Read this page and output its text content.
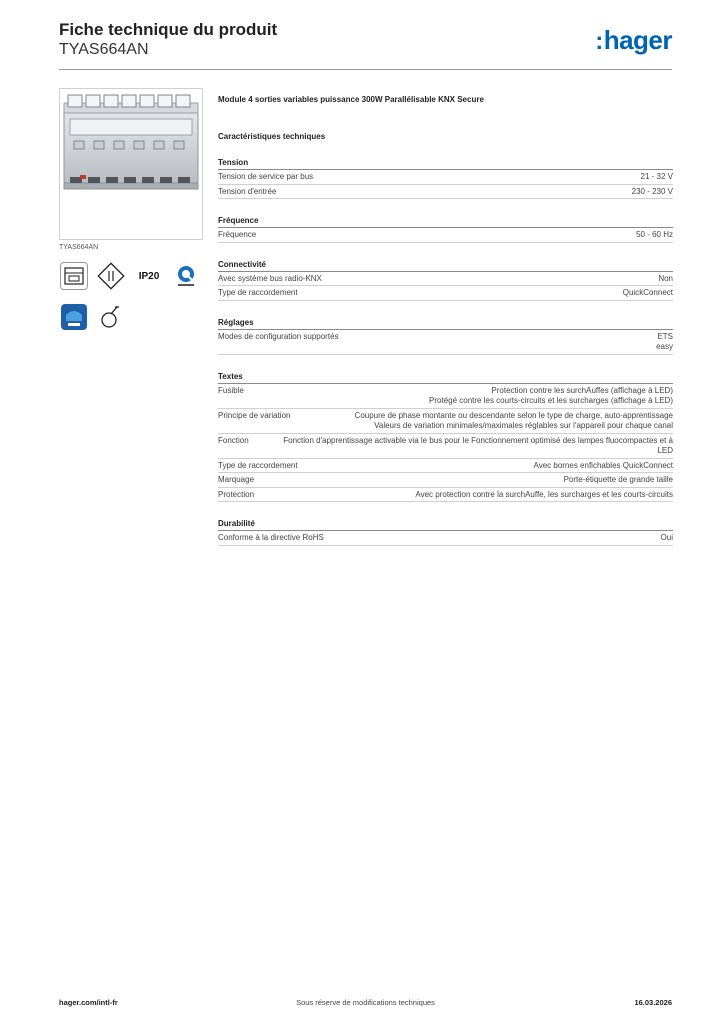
Fiche technique du produit
TYAS664AN	:hager
TYAS664AN
IP20
Module 4 sorties variables puissance 300W Parallélisable KNX Secure
Caractéristiques techniques
Tension
Tension de service par bus	21 - 32 V
Tension d'entrée	230 - 230 V
Fréquence
Fréquence	50 - 60 Hz
Connectivité
Avec système bus radio-KNX	Non
Type de raccordement	QuickConnect
Réglages
Modes de configuration supportés	ETS
easy
Textes
Fusible	Protection contre les surchAuffes (affichage à LED)
Protégé contre les courts-circuits et les surcharges (affichage à LED)
Principe de variation	Coupure de phase montante ou descendante selon le type de charge, auto-apprentissage
Valeurs de variation minimales/maximales réglables sur l'appareil pour chaque canal
Fonction	Fonction d'apprentissage activable via le bus pour le Fonctionnement optimisé des lampes fluocompactes et à LED
Type de raccordement	Avec bornes enfichables QuickConnect
Marquage	Porte-étiquette de grande taille
Protection	Avec protection contre la surchAuffe, les surcharges et les courts-circuits
Durabilité
Conforme à la directive RoHS	Oui
hager.com/intl-fr	Sous réserve de modifications techniques	16.03.2026
